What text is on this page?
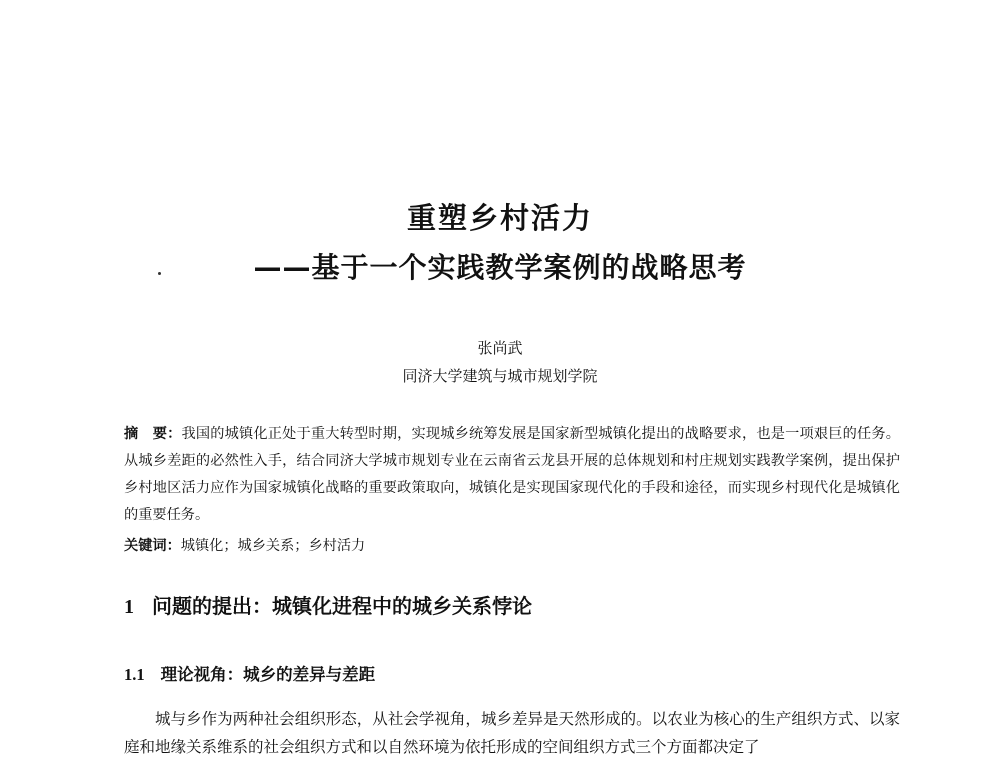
重塑乡村活力
——基于一个实践教学案例的战略思考
张尚武
同济大学建筑与城市规划学院

摘　要：我国的城镇化正处于重大转型时期，实现城乡统筹发展是国家新型城镇化提出的战略要求，也是一项艰巨的任务。从城乡差距的必然性入手，结合同济大学城市规划专业在云南省云龙县开展的总体规划和村庄规划实践教学案例，提出保护乡村地区活力应作为国家城镇化战略的重要政策取向，城镇化是实现国家现代化的手段和途径，而实现乡村现代化是城镇化的重要任务。

关键词：城镇化；城乡关系；乡村活力

1 问题的提出：城镇化进程中的城乡关系悖论
1.1 理论视角：城乡的差异与差距

城与乡作为两种社会组织形态，从社会学视角，城乡差异是天然形成的。以农业为核心的生产组织方式、以家庭和地缘关系维系的社会组织方式和以自然环境为依托形成的空间组织方式三个方面都决定了
